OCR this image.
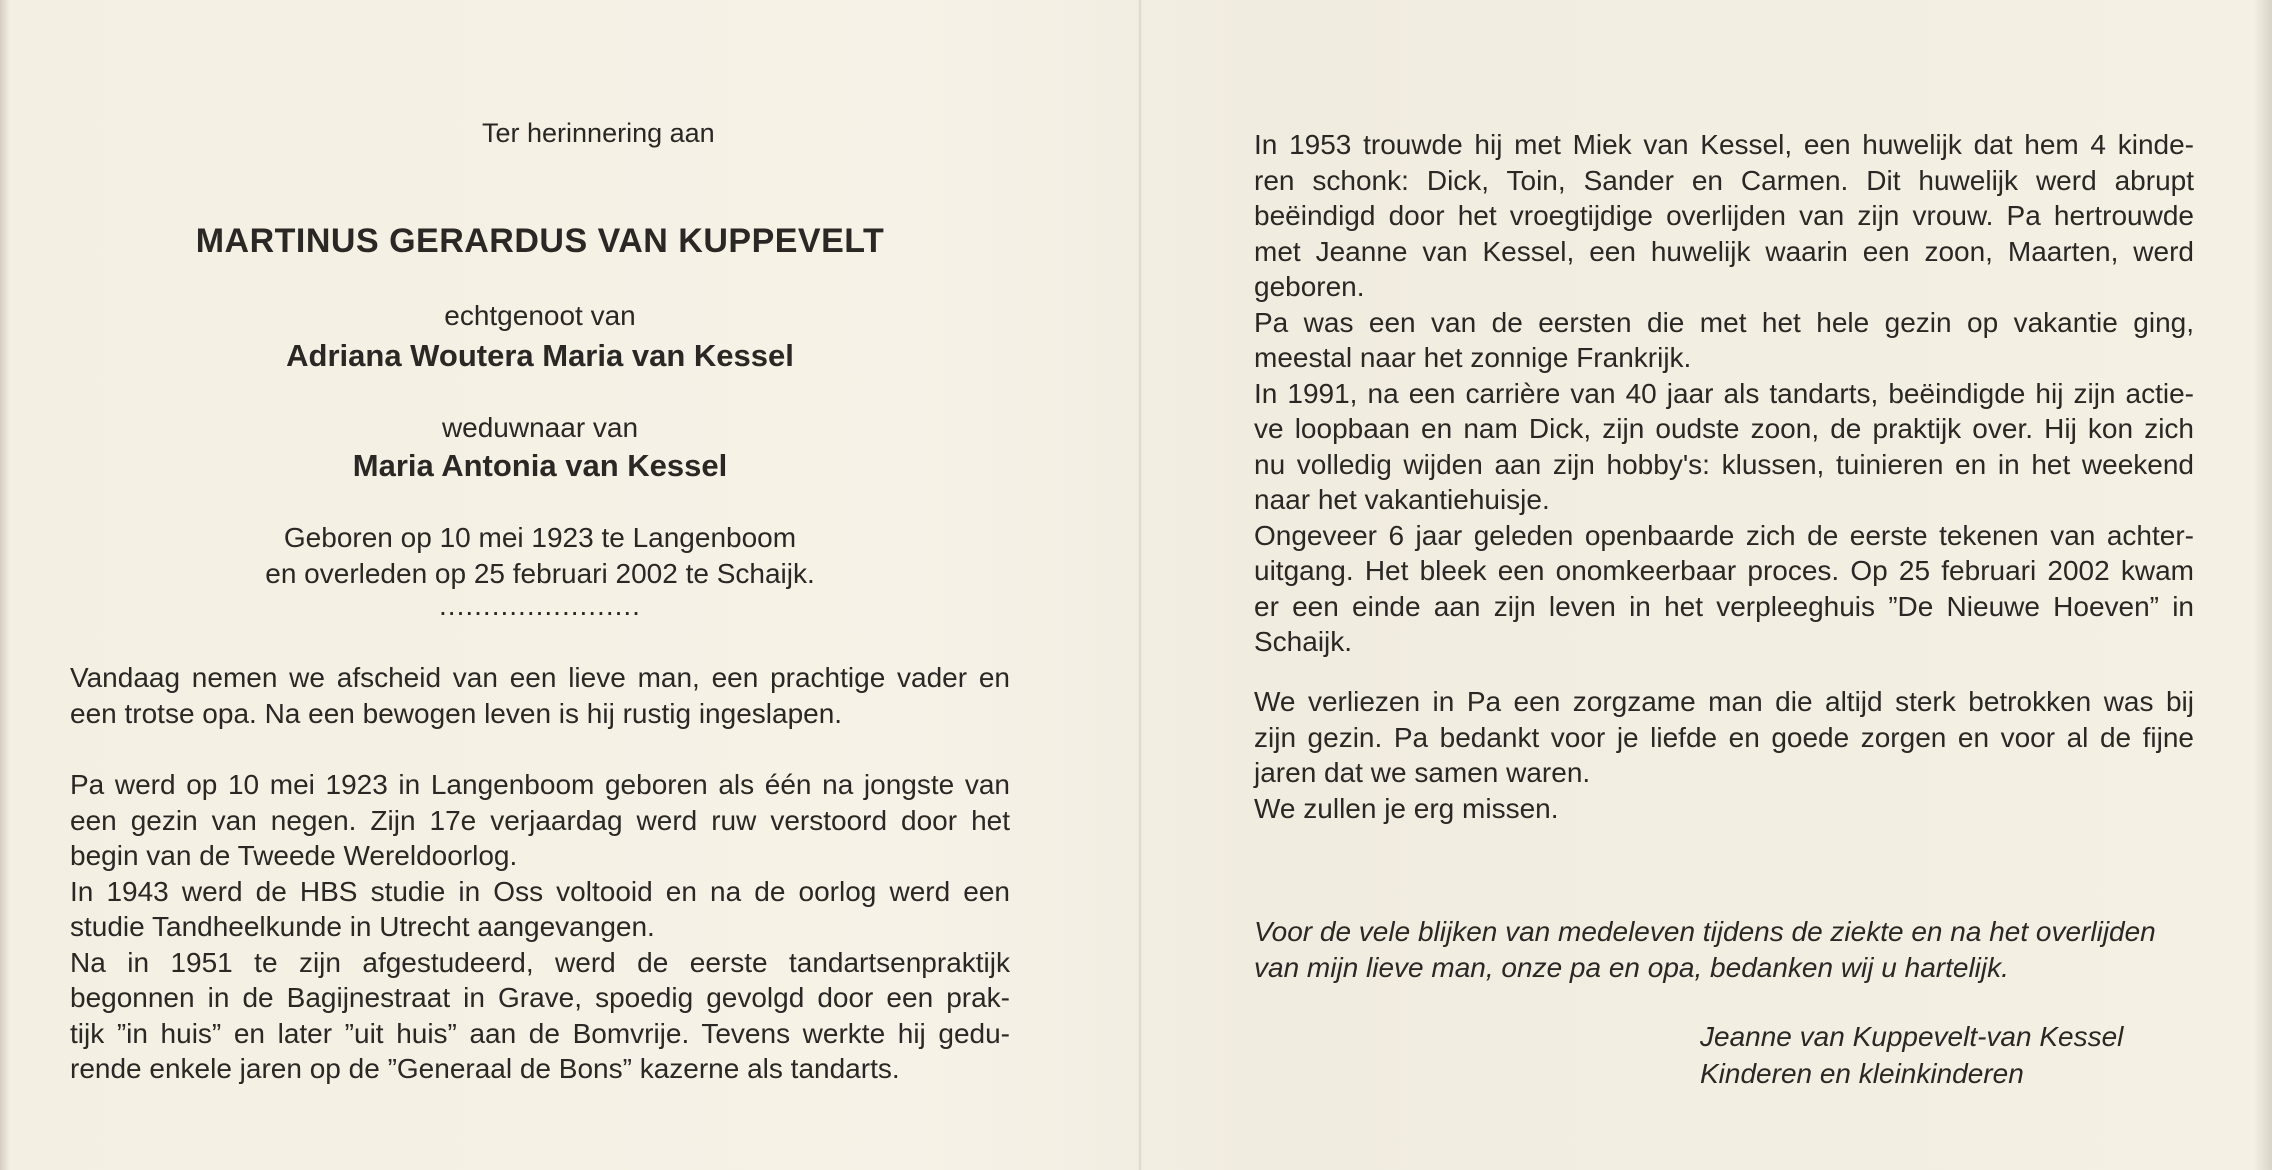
Ter herinnering aan
MARTINUS GERARDUS VAN KUPPEVELT
echtgenoot van
Adriana Woutera Maria van Kessel
weduwnaar van
Maria Antonia van Kessel
Geboren op 10 mei 1923 te Langenboom
en overleden op 25 februari 2002 te Schaijk.
.......................
Vandaag nemen we afscheid van een lieve man, een prachtige vader en
een trotse opa. Na een bewogen leven is hij rustig ingeslapen.
Pa werd op 10 mei 1923 in Langenboom geboren als één na jongste van
een gezin van negen. Zijn 17e verjaardag werd ruw verstoord door het
begin van de Tweede Wereldoorlog.
In 1943 werd de HBS studie in Oss voltooid en na de oorlog werd een
studie Tandheelkunde in Utrecht aangevangen.
Na in 1951 te zijn afgestudeerd, werd de eerste tandartsenpraktijk
begonnen in de Bagijnestraat in Grave, spoedig gevolgd door een prak-
tijk ”in huis” en later ”uit huis” aan de Bomvrije. Tevens werkte hij gedu-
rende enkele jaren op de ”Generaal de Bons” kazerne als tandarts.
In 1953 trouwde hij met Miek van Kessel, een huwelijk dat hem 4 kinde-
ren schonk: Dick, Toin, Sander en Carmen. Dit huwelijk werd abrupt
beëindigd door het vroegtijdige overlijden van zijn vrouw. Pa hertrouwde
met Jeanne van Kessel, een huwelijk waarin een zoon, Maarten, werd
geboren.
Pa was een van de eersten die met het hele gezin op vakantie ging,
meestal naar het zonnige Frankrijk.
In 1991, na een carrière van 40 jaar als tandarts, beëindigde hij zijn actie-
ve loopbaan en nam Dick, zijn oudste zoon, de praktijk over. Hij kon zich
nu volledig wijden aan zijn hobby's: klussen, tuinieren en in het weekend
naar het vakantiehuisje.
Ongeveer 6 jaar geleden openbaarde zich de eerste tekenen van achter-
uitgang. Het bleek een onomkeerbaar proces. Op 25 februari 2002 kwam
er een einde aan zijn leven in het verpleeghuis ”De Nieuwe Hoeven” in
Schaijk.
We verliezen in Pa een zorgzame man die altijd sterk betrokken was bij
zijn gezin. Pa bedankt voor je liefde en goede zorgen en voor al de fijne
jaren dat we samen waren.
We zullen je erg missen.
Voor de vele blijken van medeleven tijdens de ziekte en na het overlijden
van mijn lieve man, onze pa en opa, bedanken wij u hartelijk.
Jeanne van Kuppevelt-van Kessel
Kinderen en kleinkinderen
